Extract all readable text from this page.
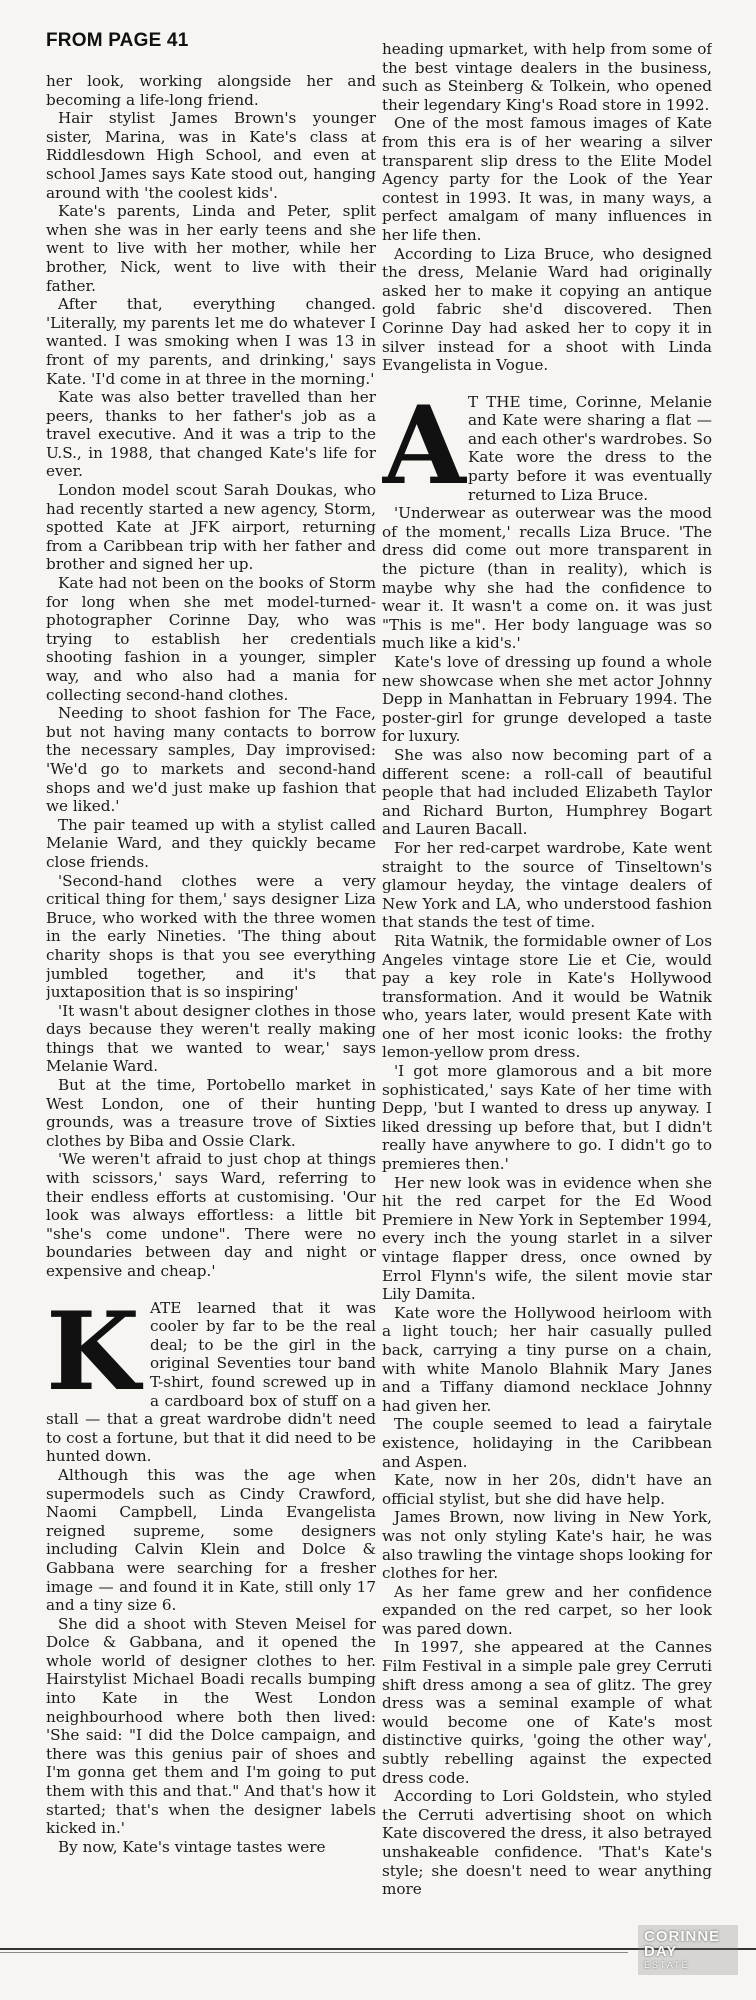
FROM PAGE 41

her look, working alongside her and becoming a life-long friend.

Hair stylist James Brown's younger sister, Marina, was in Kate's class at Riddlesdown High School, and even at school James says Kate stood out, hanging around with 'the coolest kids'.

Kate's parents, Linda and Peter, split when she was in her early teens and she went to live with her mother, while her brother, Nick, went to live with their father.

After that, everything changed. 'Literally, my parents let me do whatever I wanted. I was smoking when I was 13 in front of my parents, and drinking,' says Kate. 'I'd come in at three in the morning.'

Kate was also better travelled than her peers, thanks to her father's job as a travel executive. And it was a trip to the U.S., in 1988, that changed Kate's life for ever.

London model scout Sarah Doukas, who had recently started a new agency, Storm, spotted Kate at JFK airport, returning from a Caribbean trip with her father and brother and signed her up.

Kate had not been on the books of Storm for long when she met model-turned-photographer Corinne Day, who was trying to establish her credentials shooting fashion in a younger, simpler way, and who also had a mania for collecting second-hand clothes.

Needing to shoot fashion for The Face, but not having many contacts to borrow the necessary samples, Day improvised: 'We'd go to markets and second-hand shops and we'd just make up fashion that we liked.'

The pair teamed up with a stylist called Melanie Ward, and they quickly became close friends.

'Second-hand clothes were a very critical thing for them,' says designer Liza Bruce, who worked with the three women in the early Nineties. 'The thing about charity shops is that you see everything jumbled together, and it's that juxtaposition that is so inspiring'

'It wasn't about designer clothes in those days because they weren't really making things that we wanted to wear,' says Melanie Ward.

But at the time, Portobello market in West London, one of their hunting grounds, was a treasure trove of Sixties clothes by Biba and Ossie Clark.

'We weren't afraid to just chop at things with scissors,' says Ward, referring to their endless efforts at customising. 'Our look was always effortless: a little bit "she's come undone". There were no boundaries between day and night or expensive and cheap.'

K ATE learned that it was cooler by far to be the real deal; to be the girl in the original Seventies tour band T-shirt, found screwed up in a cardboard box of stuff on a stall — that a great wardrobe didn't need to cost a fortune, but that it did need to be hunted down.

Although this was the age when supermodels such as Cindy Crawford, Naomi Campbell, Linda Evangelista reigned supreme, some designers including Calvin Klein and Dolce & Gabbana were searching for a fresher image — and found it in Kate, still only 17 and a tiny size 6.

She did a shoot with Steven Meisel for Dolce & Gabbana, and it opened the whole world of designer clothes to her. Hairstylist Michael Boadi recalls bumping into Kate in the West London neighbourhood where both then lived: 'She said: "I did the Dolce campaign, and there was this genius pair of shoes and I'm gonna get them and I'm going to put them with this and that." And that's how it started; that's when the designer labels kicked in.'

By now, Kate's vintage tastes were

heading upmarket, with help from some of the best vintage dealers in the business, such as Steinberg & Tolkein, who opened their legendary King's Road store in 1992.

One of the most famous images of Kate from this era is of her wearing a silver transparent slip dress to the Elite Model Agency party for the Look of the Year contest in 1993. It was, in many ways, a perfect amalgam of many influences in her life then.

According to Liza Bruce, who designed the dress, Melanie Ward had originally asked her to make it copying an antique gold fabric she'd discovered. Then Corinne Day had asked her to copy it in silver instead for a shoot with Linda Evangelista in Vogue.

A T THE time, Corinne, Melanie and Kate were sharing a flat — and each other's wardrobes. So Kate wore the dress to the party before it was eventually returned to Liza Bruce.

'Underwear as outerwear was the mood of the moment,' recalls Liza Bruce. 'The dress did come out more transparent in the picture (than in reality), which is maybe why she had the confidence to wear it. It wasn't a come on. it was just "This is me". Her body language was so much like a kid's.'

Kate's love of dressing up found a whole new showcase when she met actor Johnny Depp in Manhattan in February 1994. The poster-girl for grunge developed a taste for luxury.

She was also now becoming part of a different scene: a roll-call of beautiful people that had included Elizabeth Taylor and Richard Burton, Humphrey Bogart and Lauren Bacall.

For her red-carpet wardrobe, Kate went straight to the source of Tinseltown's glamour heyday, the vintage dealers of New York and LA, who understood fashion that stands the test of time.

Rita Watnik, the formidable owner of Los Angeles vintage store Lie et Cie, would pay a key role in Kate's Hollywood transformation. And it would be Watnik who, years later, would present Kate with one of her most iconic looks: the frothy lemon-yellow prom dress.

'I got more glamorous and a bit more sophisticated,' says Kate of her time with Depp, 'but I wanted to dress up anyway. I liked dressing up before that, but I didn't really have anywhere to go. I didn't go to premieres then.'

Her new look was in evidence when she hit the red carpet for the Ed Wood Premiere in New York in September 1994, every inch the young starlet in a silver vintage flapper dress, once owned by Errol Flynn's wife, the silent movie star Lily Damita.

Kate wore the Hollywood heirloom with a light touch; her hair casually pulled back, carrying a tiny purse on a chain, with white Manolo Blahnik Mary Janes and a Tiffany diamond necklace Johnny had given her.

The couple seemed to lead a fairytale existence, holidaying in the Caribbean and Aspen.

Kate, now in her 20s, didn't have an official stylist, but she did have help.

James Brown, now living in New York, was not only styling Kate's hair, he was also trawling the vintage shops looking for clothes for her.

As her fame grew and her confidence expanded on the red carpet, so her look was pared down.

In 1997, she appeared at the Cannes Film Festival in a simple pale grey Cerruti shift dress among a sea of glitz. The grey dress was a seminal example of what would become one of Kate's most distinctive quirks, 'going the other way', subtly rebelling against the expected dress code.

According to Lori Goldstein, who styled the Cerruti advertising shoot on which Kate discovered the dress, it also betrayed unshakeable confidence. 'That's Kate's style; she doesn't need to wear anything more

CORINNE
DAY
ESTATE
